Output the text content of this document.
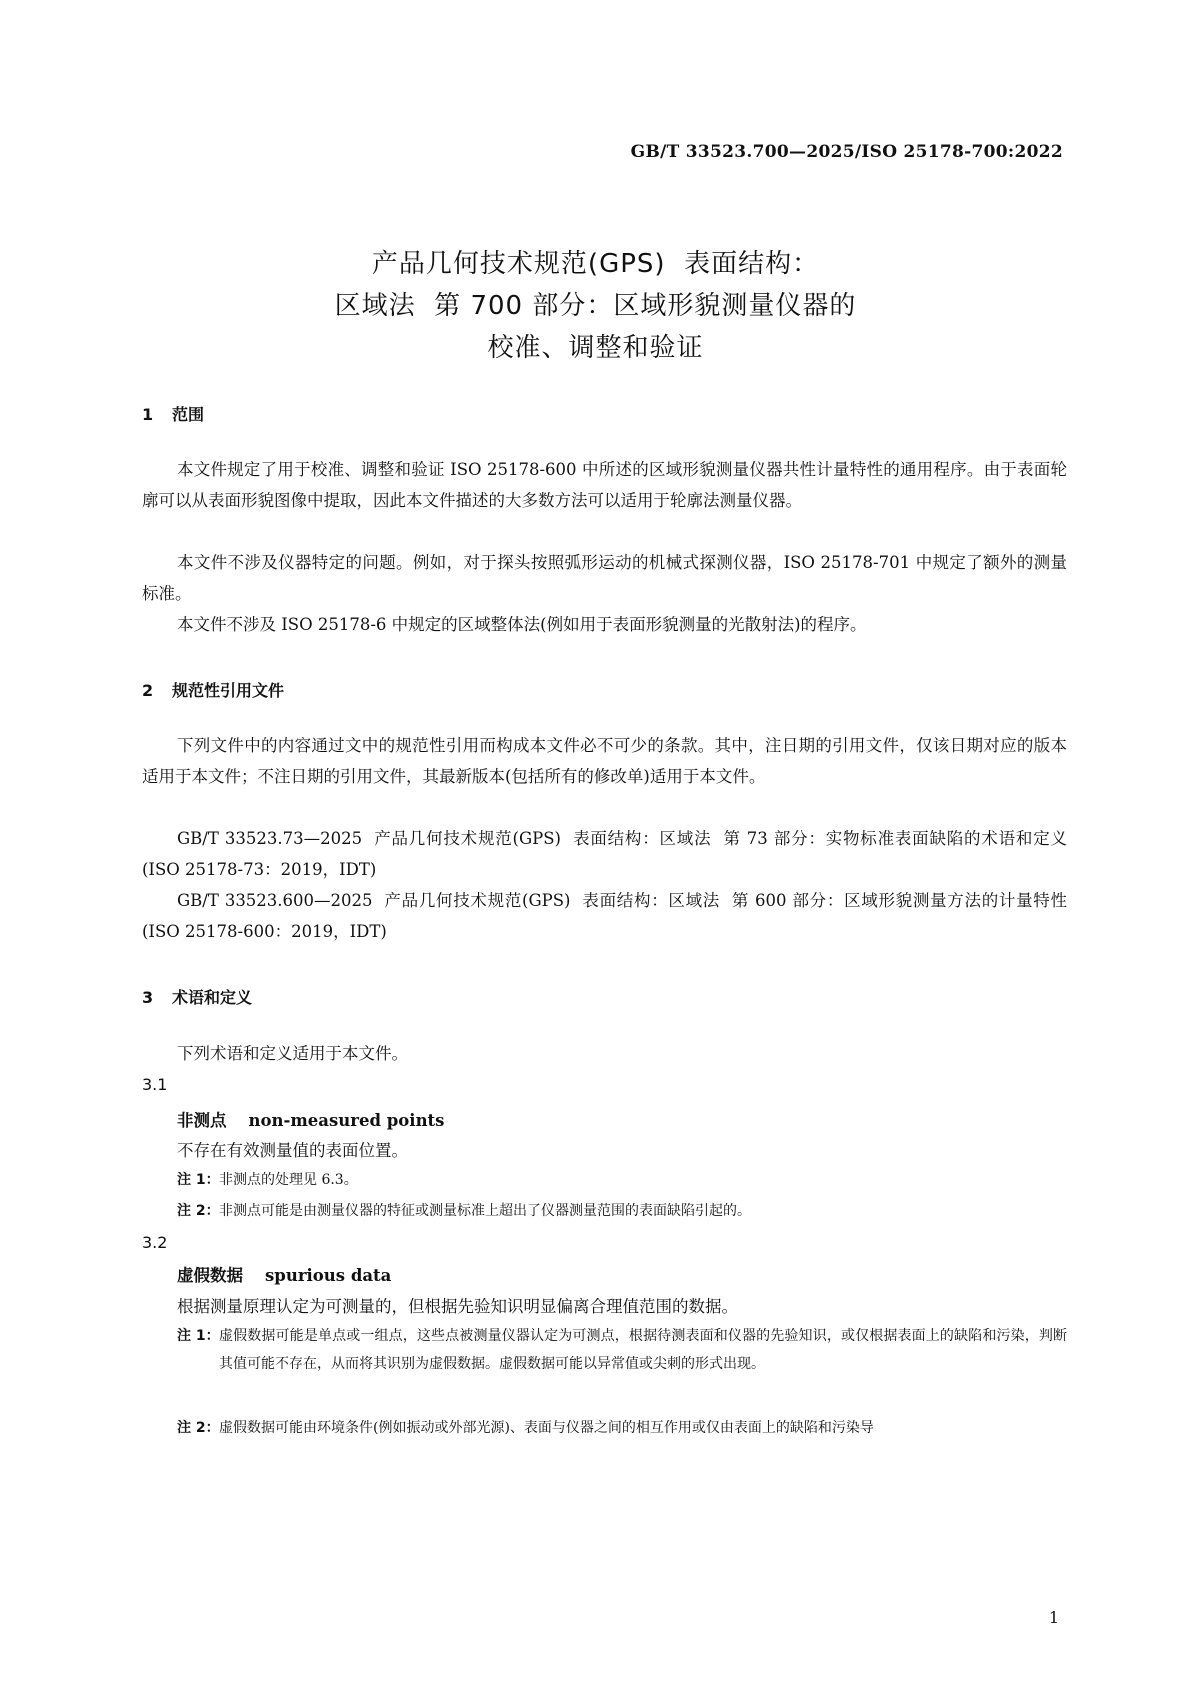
GB/T 33523.700—2025/ISO 25178-700:2022
产品几何技术规范(GPS)  表面结构：
区域法  第 700 部分：区域形貌测量仪器的
校准、调整和验证
1 范围

本文件规定了用于校准、调整和验证 ISO 25178-600 中所述的区域形貌测量仪器共性计量特性的通用程序。由于表面轮廓可以从表面形貌图像中提取，因此本文件描述的大多数方法可以适用于轮廓法测量仪器。

本文件不涉及仪器特定的问题。例如，对于探头按照弧形运动的机械式探测仪器，ISO 25178-701 中规定了额外的测量标准。

本文件不涉及 ISO 25178-6 中规定的区域整体法(例如用于表面形貌测量的光散射法)的程序。

2 规范性引用文件

下列文件中的内容通过文中的规范性引用而构成本文件必不可少的条款。其中，注日期的引用文件，仅该日期对应的版本适用于本文件；不注日期的引用文件，其最新版本(包括所有的修改单)适用于本文件。

GB/T 33523.73—2025  产品几何技术规范(GPS)  表面结构：区域法  第 73 部分：实物标准表面缺陷的术语和定义(ISO 25178-73：2019，IDT)

GB/T 33523.600—2025  产品几何技术规范(GPS)  表面结构：区域法  第 600 部分：区域形貌测量方法的计量特性(ISO 25178-600：2019，IDT)

3 术语和定义

下列术语和定义适用于本文件。

3.1
非测点 non-measured points
不存在有效测量值的表面位置。
注 1： 非测点的处理见 6.3。
注 2： 非测点可能是由测量仪器的特征或测量标准上超出了仪器测量范围的表面缺陷引起的。
3.2
虚假数据 spurious data
根据测量原理认定为可测量的，但根据先验知识明显偏离合理值范围的数据。
注 1： 虚假数据可能是单点或一组点，这些点被测量仪器认定为可测点，根据待测表面和仪器的先验知识，或仅根据表面上的缺陷和污染，判断其值可能不存在，从而将其识别为虚假数据。虚假数据可能以异常值或尖刺的形式出现。
注 2： 虚假数据可能由环境条件(例如振动或外部光源)、表面与仪器之间的相互作用或仅由表面上的缺陷和污染导
1
